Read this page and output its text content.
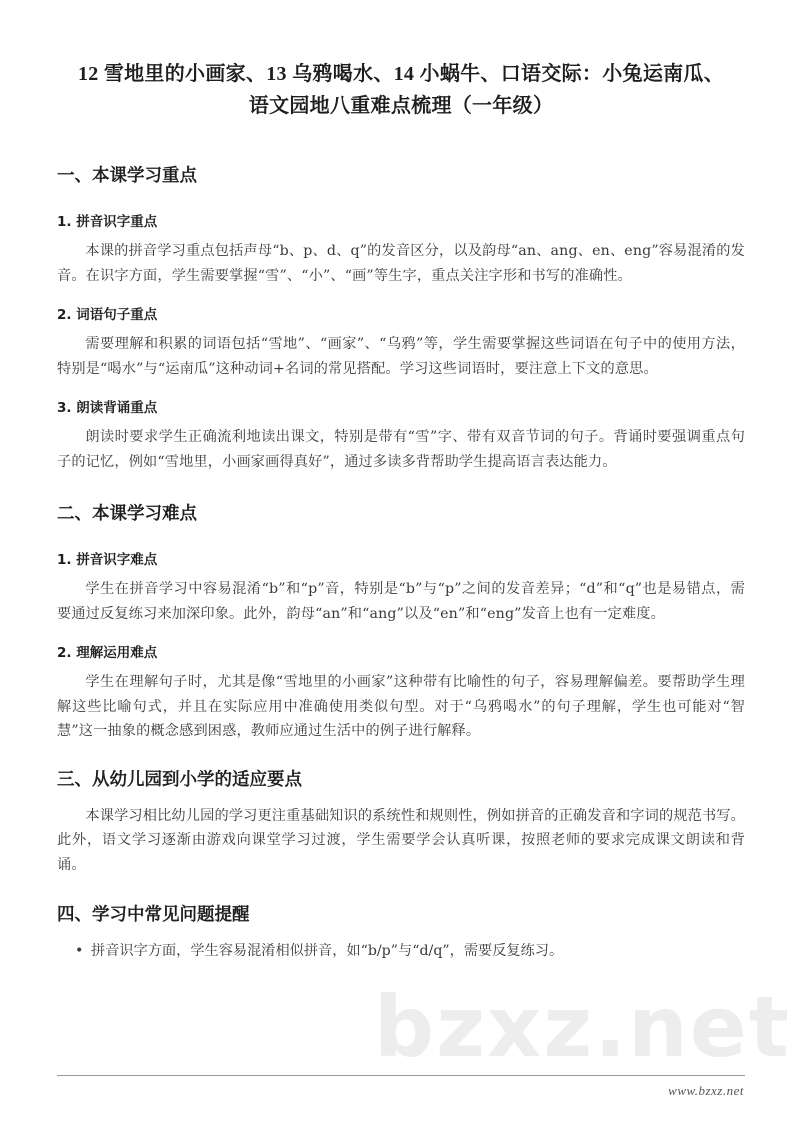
bzxz.net
12 雪地里的小画家、13 乌鸦喝水、14 小蜗牛、口语交际：小兔运南瓜、
语文园地八重难点梳理（一年级）
一、本课学习重点
1. 拼音识字重点

本课的拼音学习重点包括声母“b、p、d、q”的发音区分，以及韵母“an、ang、en、eng”容易混淆的发音。在识字方面，学生需要掌握“雪”、“小”、“画”等生字，重点关注字形和书写的准确性。

2. 词语句子重点

需要理解和积累的词语包括“雪地”、“画家”、“乌鸦”等，学生需要掌握这些词语在句子中的使用方法，特别是“喝水”与“运南瓜”这种动词+名词的常见搭配。学习这些词语时，要注意上下文的意思。

3. 朗读背诵重点

朗读时要求学生正确流利地读出课文，特别是带有“雪”字、带有双音节词的句子。背诵时要强调重点句子的记忆，例如“雪地里，小画家画得真好”，通过多读多背帮助学生提高语言表达能力。

二、本课学习难点
1. 拼音识字难点

学生在拼音学习中容易混淆“b”和“p”音，特别是“b”与“p”之间的发音差异；“d”和“q”也是易错点，需要通过反复练习来加深印象。此外，韵母“an”和“ang”以及“en”和“eng”发音上也有一定难度。

2. 理解运用难点

学生在理解句子时，尤其是像“雪地里的小画家”这种带有比喻性的句子，容易理解偏差。要帮助学生理解这些比喻句式，并且在实际应用中准确使用类似句型。对于“乌鸦喝水”的句子理解，学生也可能对“智慧”这一抽象的概念感到困惑，教师应通过生活中的例子进行解释。

三、从幼儿园到小学的适应要点

本课学习相比幼儿园的学习更注重基础知识的系统性和规则性，例如拼音的正确发音和字词的规范书写。此外，语文学习逐渐由游戏向课堂学习过渡，学生需要学会认真听课，按照老师的要求完成课文朗读和背诵。

四、学习中常见问题提醒
• 拼音识字方面，学生容易混淆相似拼音，如“b/p”与“d/q”，需要反复练习。
www.bzxz.net
